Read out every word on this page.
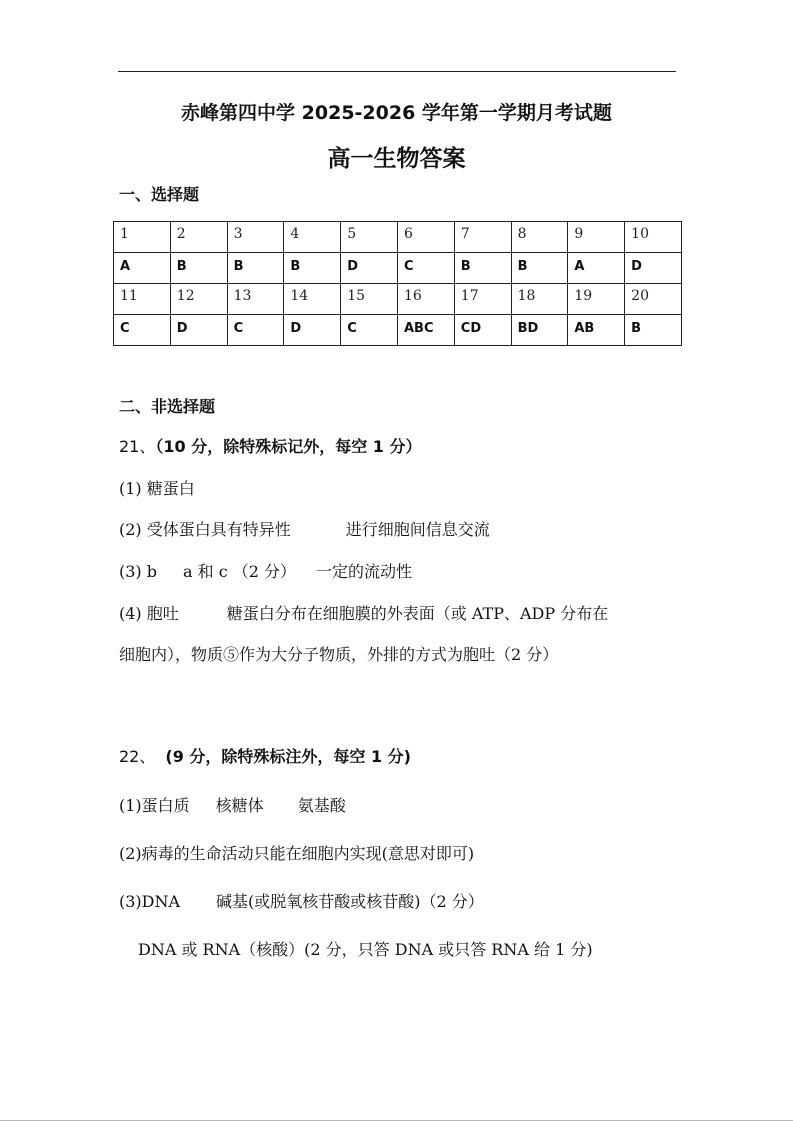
赤峰第四中学 2025-2026 学年第一学期月考试题
高一生物答案
一、选择题
1	2	3	4	5	6	7	8	9	10
A	B	B	B	D	C	B	B	A	D
11	12	13	14	15	16	17	18	19	20
C	D	C	D	C	ABC	CD	BD	AB	B
二、非选择题
21、（10 分，除特殊标记外，每空 1 分）
(1) 糖蛋白
(2) 受体蛋白具有特异性	进行细胞间信息交流
(3) b a 和 c （2 分） 一定的流动性
(4) 胞吐	糖蛋白分布在细胞膜的外表面（或 ATP、ADP 分布在
细胞内），物质⑤作为大分子物质，外排的方式为胞吐（2 分）
22、 (9 分，除特殊标注外，每空 1 分)
(1)蛋白质 核糖体 氨基酸
(2)病毒的生命活动只能在细胞内实现(意思对即可)
(3)DNA 碱基(或脱氧核苷酸或核苷酸)（2 分）
DNA 或 RNA（核酸）(2 分，只答 DNA 或只答 RNA 给 1 分)
